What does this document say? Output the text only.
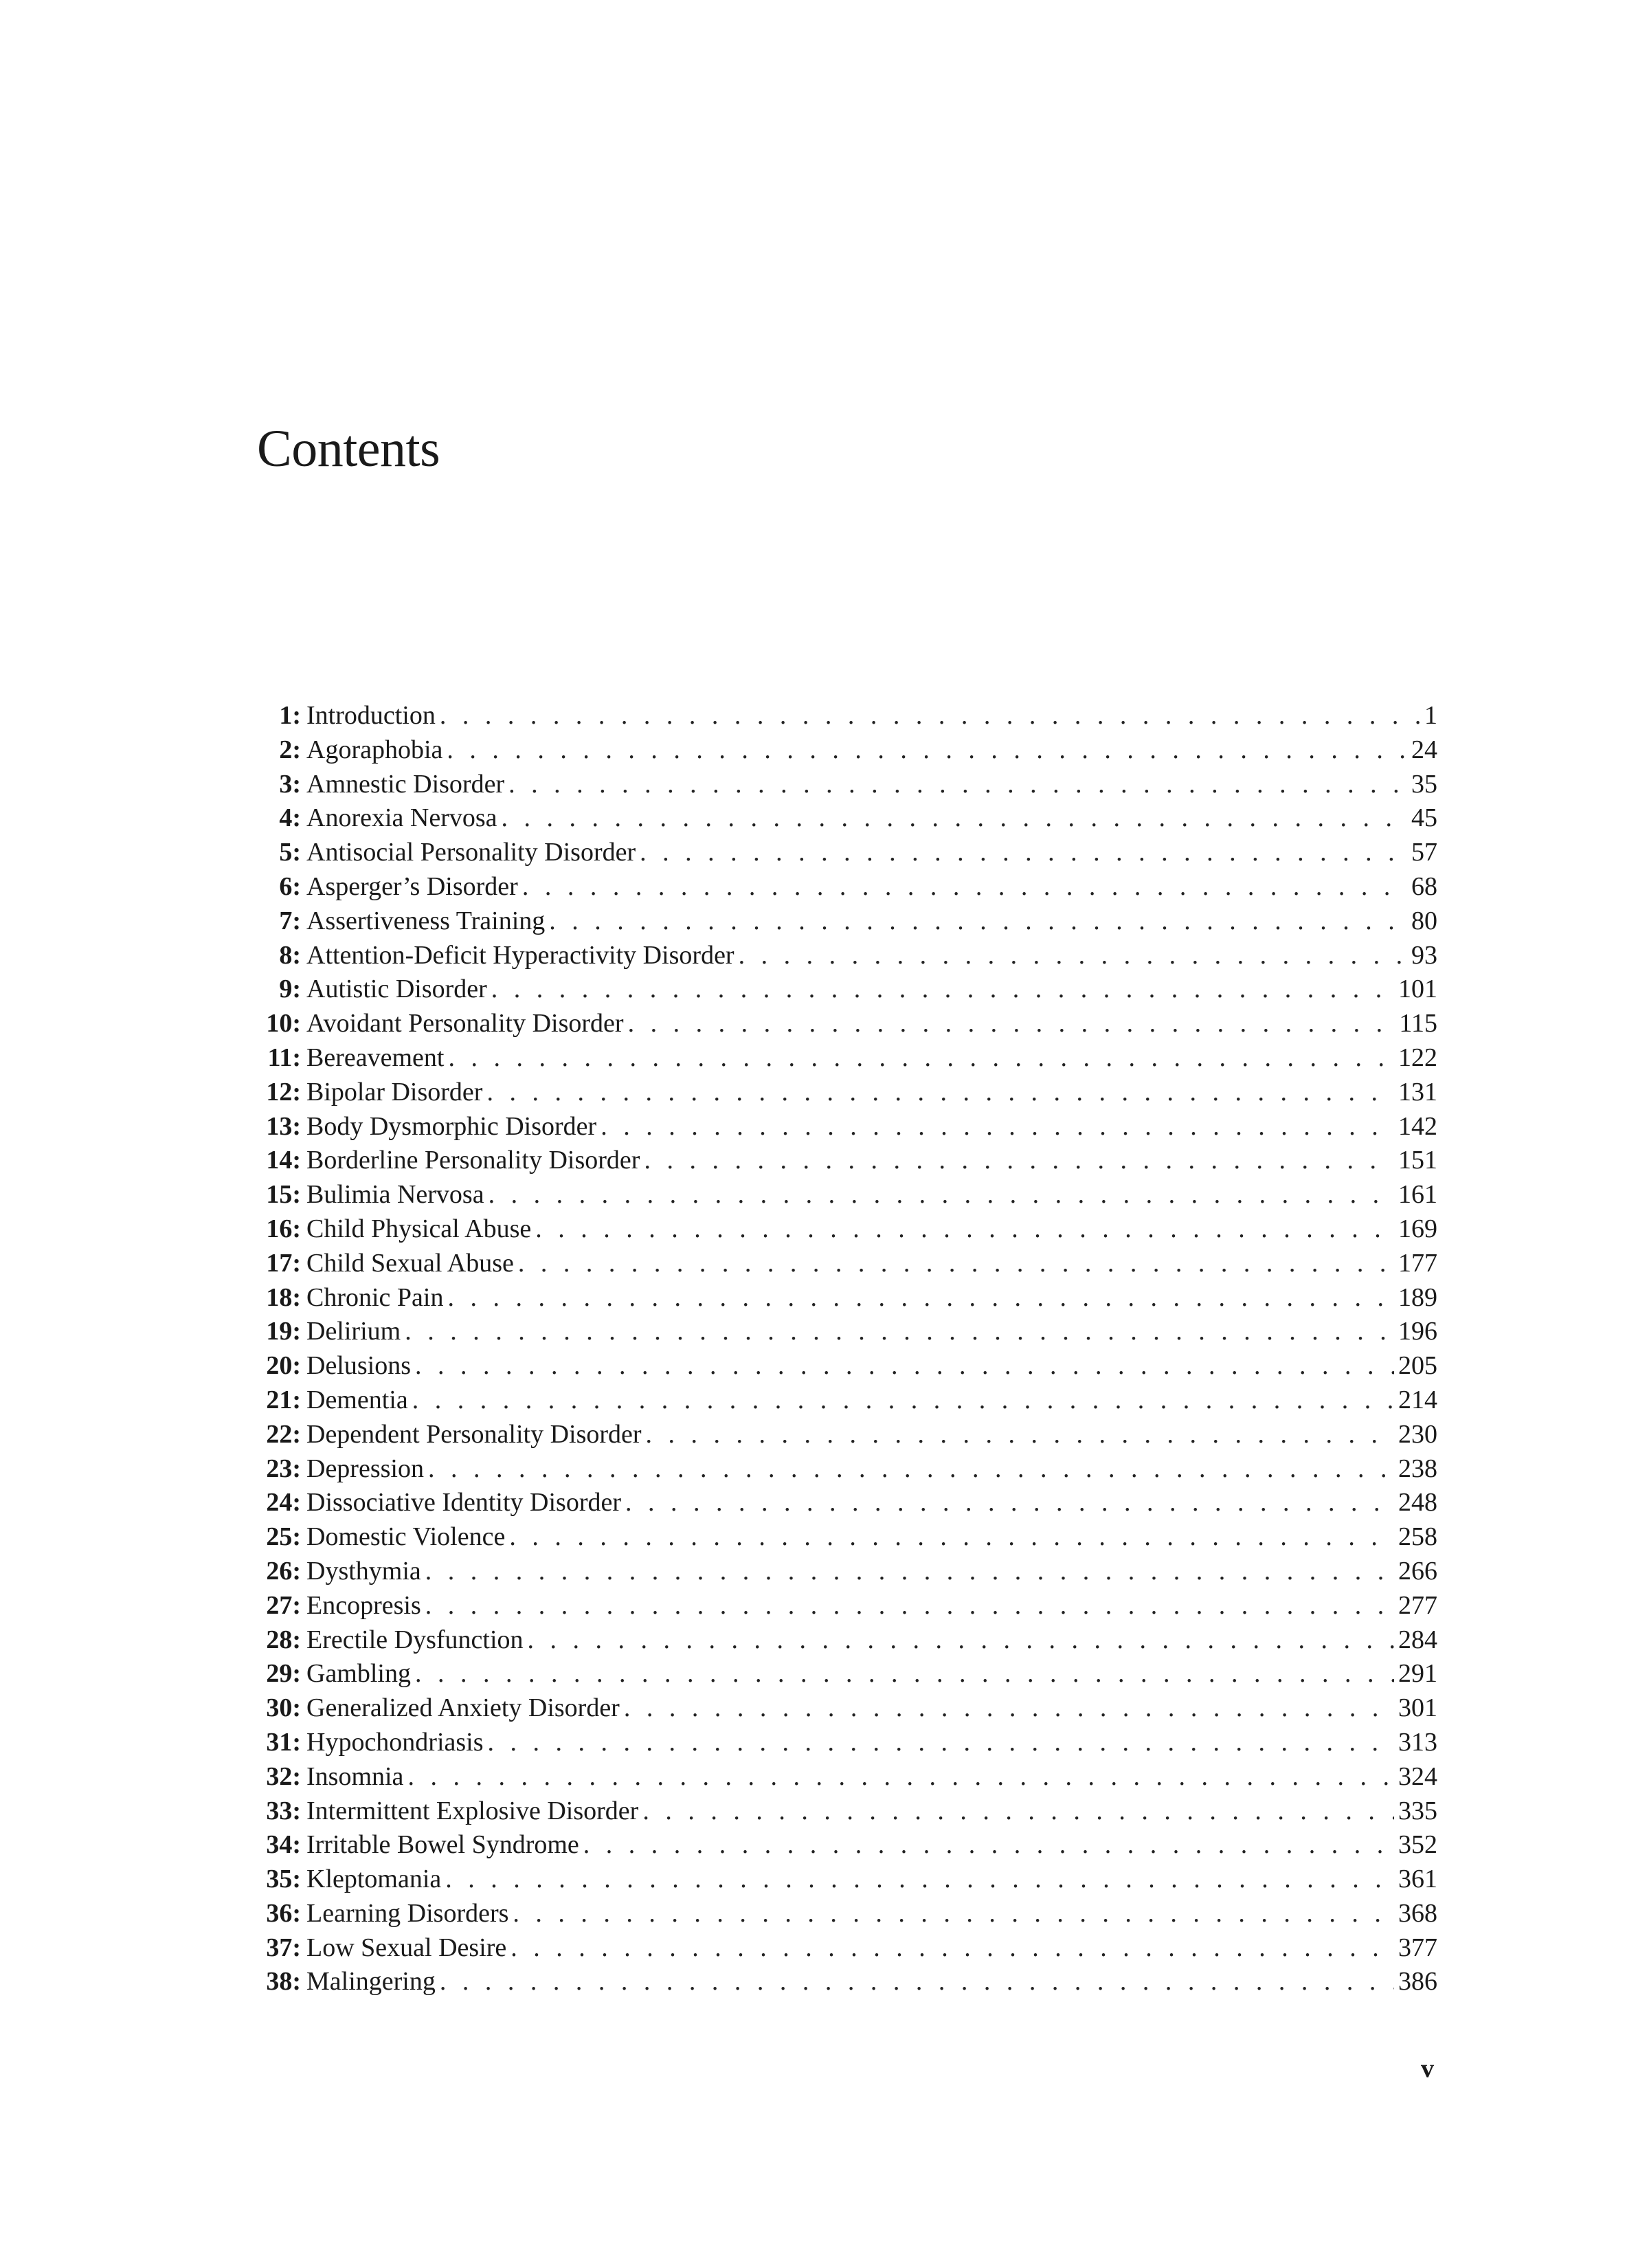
Contents
1: Introduction . . .	1
2: Agoraphobia . . .	24
3: Amnestic Disorder . . .	35
4: Anorexia Nervosa . . .	45
5: Antisocial Personality Disorder . . .	57
6: Asperger’s Disorder . . .	68
7: Assertiveness Training . . .	80
8: Attention-Deficit Hyperactivity Disorder . . .	93
9: Autistic Disorder . . .	101
10: Avoidant Personality Disorder . . .	115
11: Bereavement . . .	122
12: Bipolar Disorder . . .	131
13: Body Dysmorphic Disorder . . .	142
14: Borderline Personality Disorder . . .	151
15: Bulimia Nervosa . . .	161
16: Child Physical Abuse . . .	169
17: Child Sexual Abuse . . .	177
18: Chronic Pain . . .	189
19: Delirium . . .	196
20: Delusions . . .	205
21: Dementia . . .	214
22: Dependent Personality Disorder . . .	230
23: Depression . . .	238
24: Dissociative Identity Disorder . . .	248
25: Domestic Violence . . .	258
26: Dysthymia . . .	266
27: Encopresis . . .	277
28: Erectile Dysfunction . . .	284
29: Gambling . . .	291
30: Generalized Anxiety Disorder . . .	301
31: Hypochondriasis . . .	313
32: Insomnia . . .	324
33: Intermittent Explosive Disorder . . .	335
34: Irritable Bowel Syndrome . . .	352
35: Kleptomania . . .	361
36: Learning Disorders . . .	368
37: Low Sexual Desire . . .	377
38: Malingering . . .	386
v
